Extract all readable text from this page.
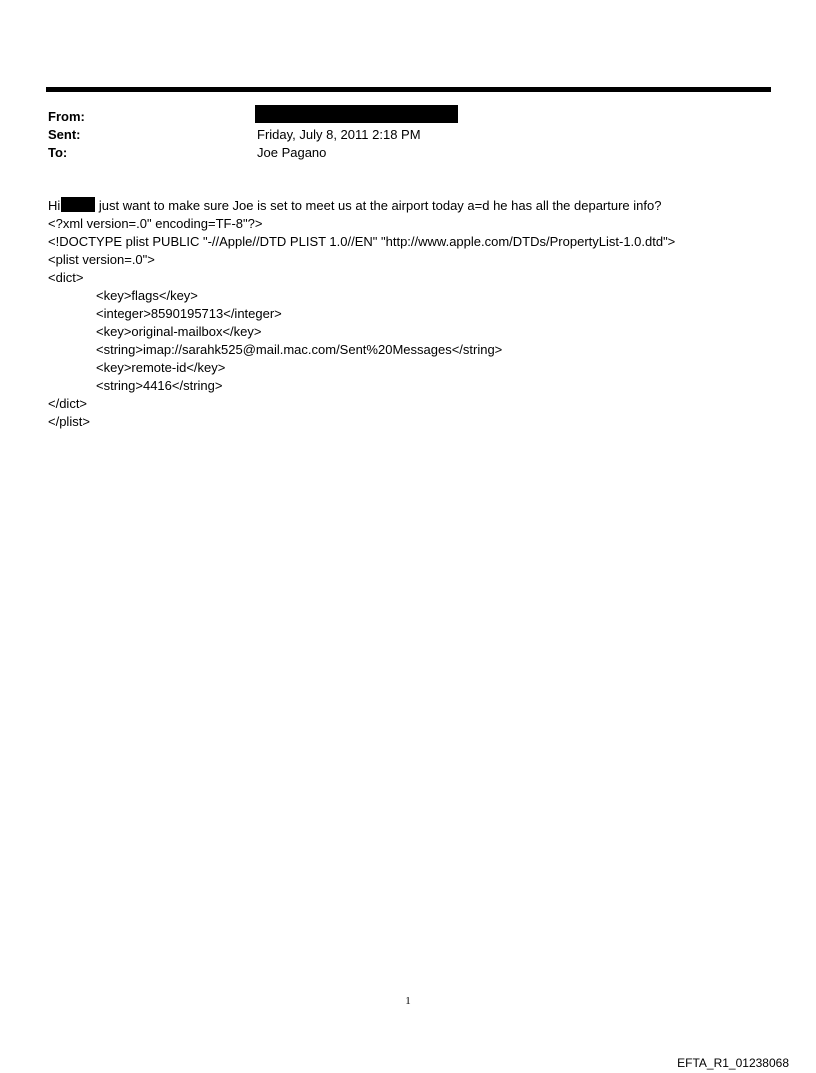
From:
Sent:	Friday, July 8, 2011 2:18 PM
To:	Joe Pagano
Hi	just want to make sure Joe is set to meet us at the airport today a=d he has all the departure info?
<?xml version=.0" encoding=TF-8"?>
<!DOCTYPE plist PUBLIC "-//Apple//DTD PLIST 1.0//EN" "http://www.apple.com/DTDs/PropertyList-1.0.dtd">
<plist version=.0">
<dict>
<key>flags</key>
<integer>8590195713</integer>
<key>original-mailbox</key>
<string>imap://sarahk525@mail.mac.com/Sent%20Messages</string>
<key>remote-id</key>
<string>4416</string>
</dict>
</plist>
1
EFTA_R1_01238068
